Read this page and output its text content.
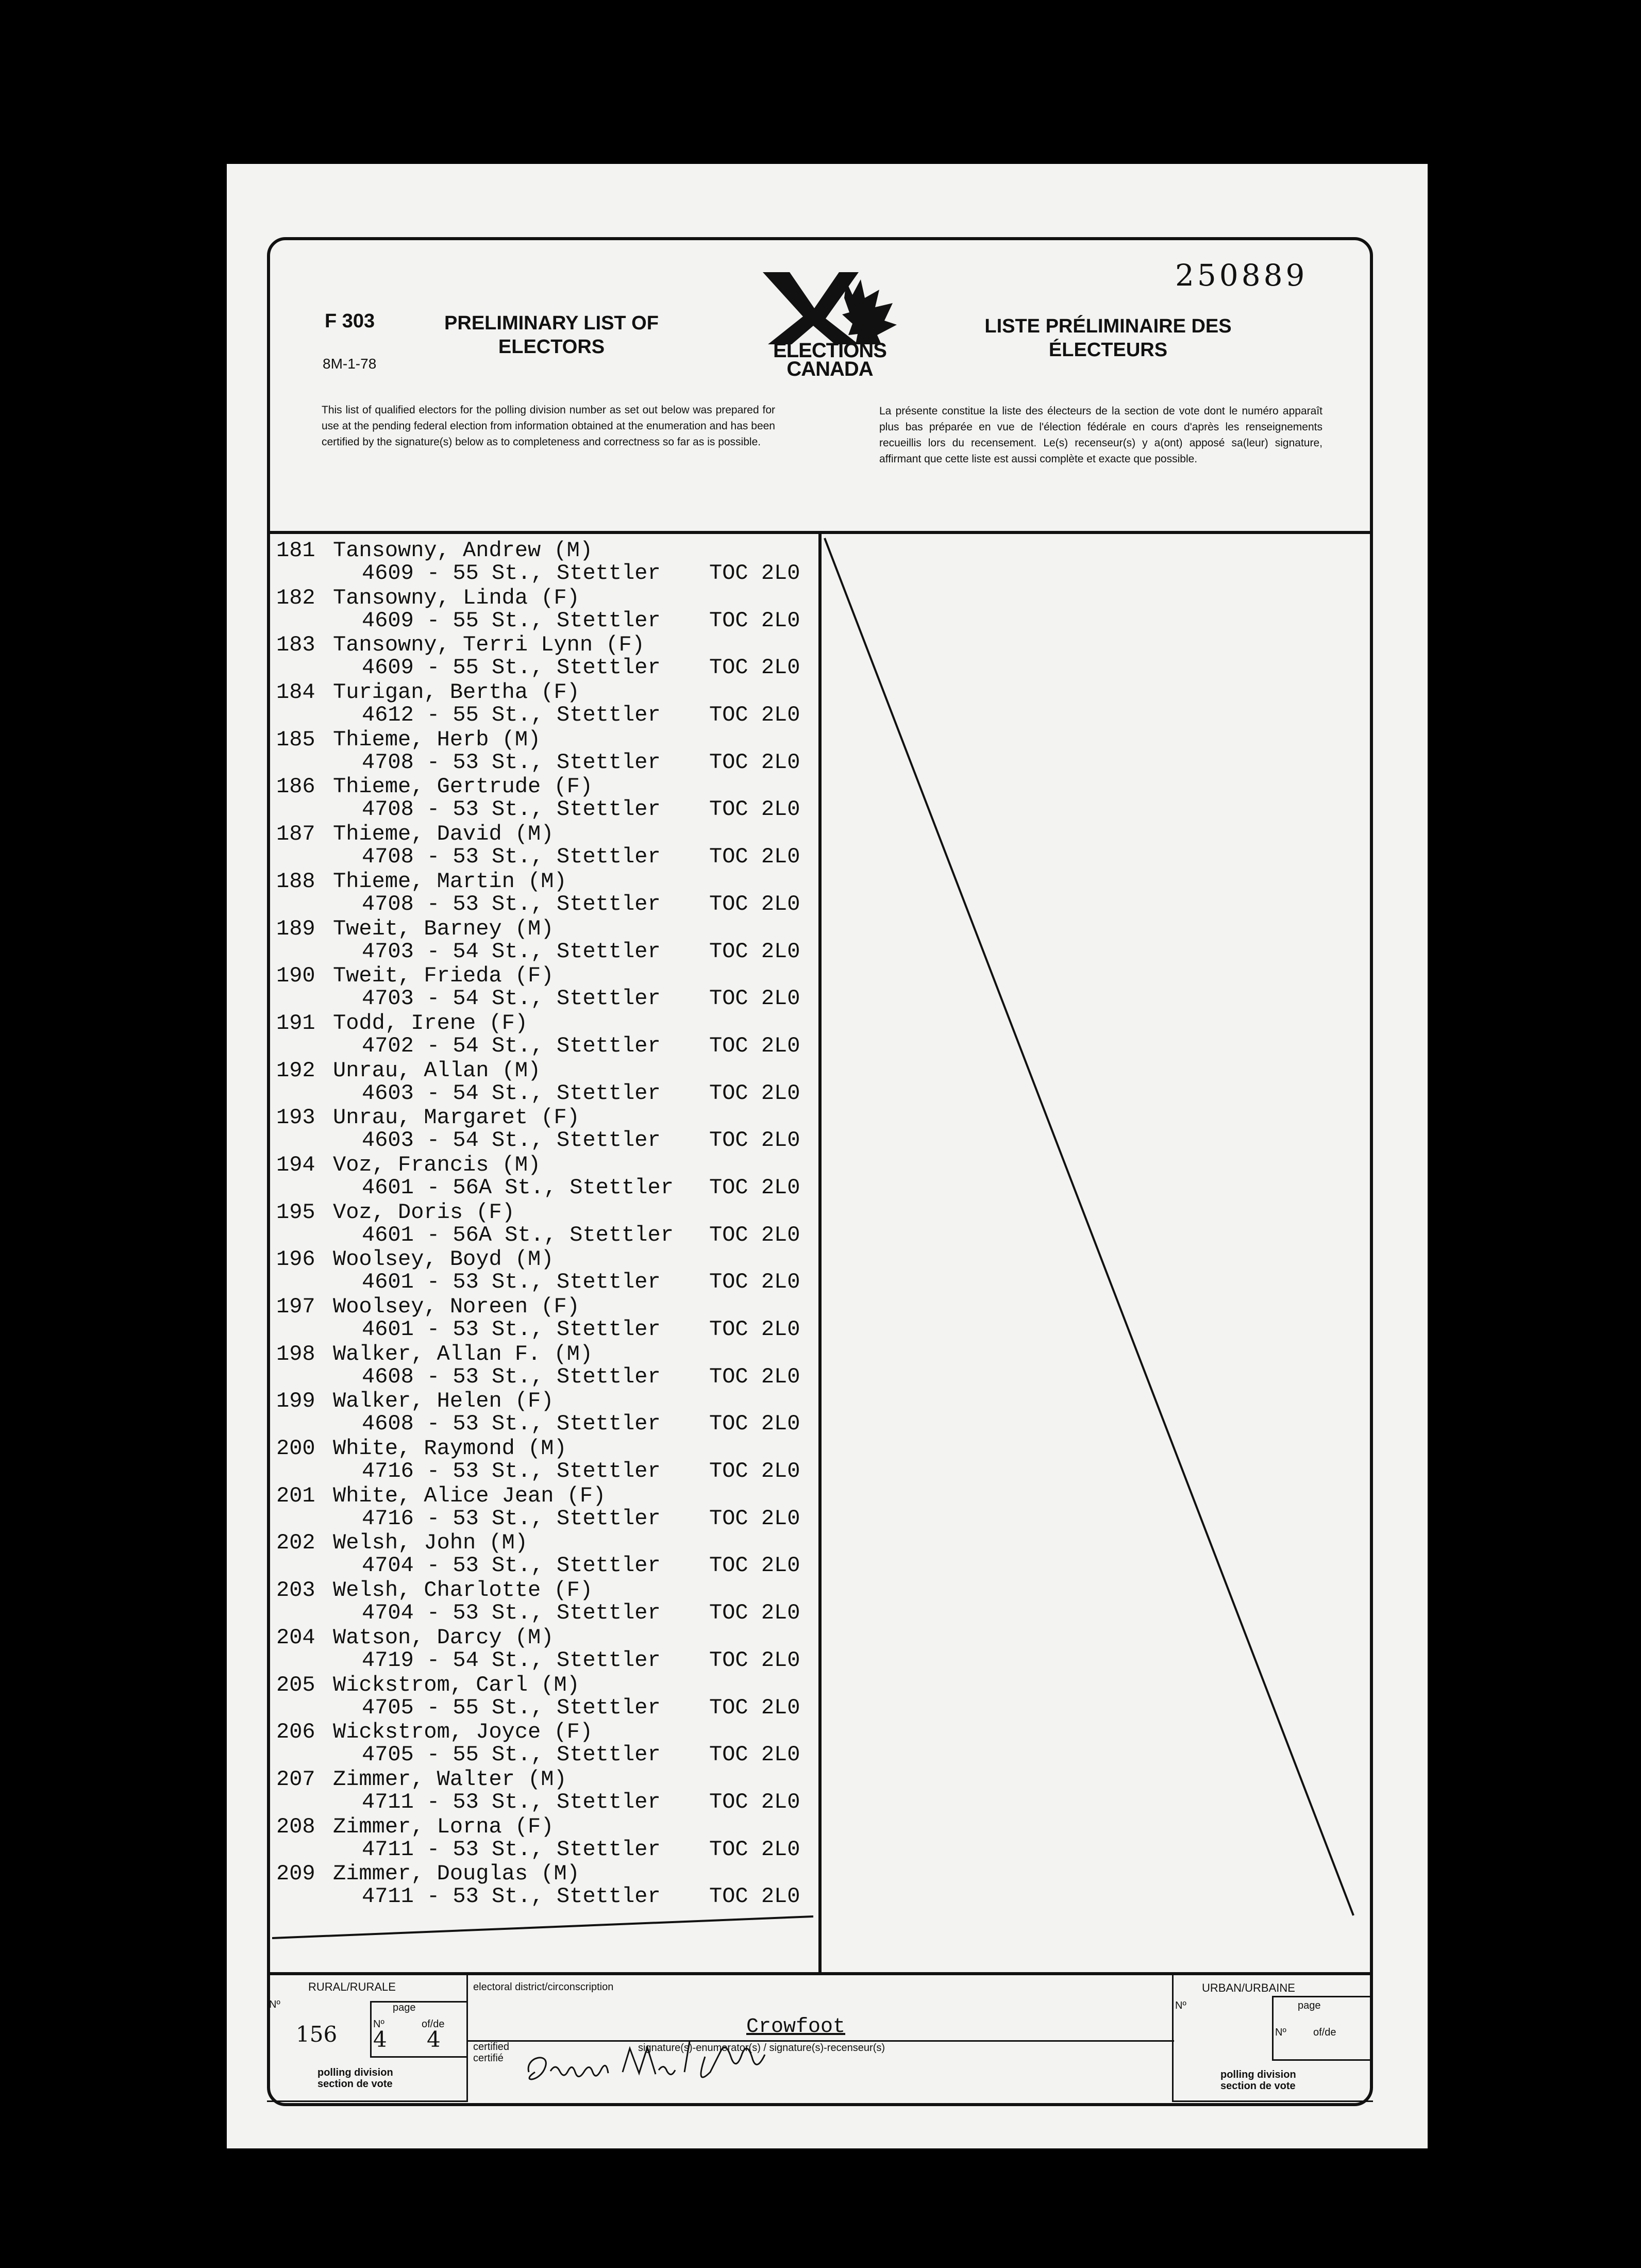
250889
F 303
8M-1-78
PRELIMINARY LIST OF
ELECTORS	ELECTIONS
CANADA
LISTE PRÉLIMINAIRE DES
ÉLECTEURS
This list of qualified electors for the polling division number as set out below was prepared for use at the pending federal election from information obtained at the enumeration and has been certified by the signature(s) below as to completeness and correctness so far as is possible.
La présente constitue la liste des électeurs de la section de vote dont le numéro apparaît plus bas préparée en vue de l'élection fédérale en cours d'après les renseignements recueillis lors du recensement. Le(s) recenseur(s) y a(ont) apposé sa(leur) signature, affirmant que cette liste est aussi complète et exacte que possible.
181 Tansowny, Andrew (M)
4609 - 55 St., Stettler TOC 2L0
182 Tansowny, Linda (F)
4609 - 55 St., Stettler TOC 2L0
183 Tansowny, Terri Lynn (F)
4609 - 55 St., Stettler TOC 2L0
184 Turigan, Bertha (F)
4612 - 55 St., Stettler TOC 2L0
185 Thieme, Herb (M)
4708 - 53 St., Stettler TOC 2L0
186 Thieme, Gertrude (F)
4708 - 53 St., Stettler TOC 2L0
187 Thieme, David (M)
4708 - 53 St., Stettler TOC 2L0
188 Thieme, Martin (M)
4708 - 53 St., Stettler TOC 2L0
189 Tweit, Barney (M)
4703 - 54 St., Stettler TOC 2L0
190 Tweit, Frieda (F)
4703 - 54 St., Stettler TOC 2L0
191 Todd, Irene (F)
4702 - 54 St., Stettler TOC 2L0
192 Unrau, Allan (M)
4603 - 54 St., Stettler TOC 2L0
193 Unrau, Margaret (F)
4603 - 54 St., Stettler TOC 2L0
194 Voz, Francis (M)
4601 - 56A St., Stettler TOC 2L0
195 Voz, Doris (F)
4601 - 56A St., Stettler TOC 2L0
196 Woolsey, Boyd (M)
4601 - 53 St., Stettler TOC 2L0
197 Woolsey, Noreen (F)
4601 - 53 St., Stettler TOC 2L0
198 Walker, Allan F. (M)
4608 - 53 St., Stettler TOC 2L0
199 Walker, Helen (F)
4608 - 53 St., Stettler TOC 2L0
200 White, Raymond (M)
4716 - 53 St., Stettler TOC 2L0
201 White, Alice Jean (F)
4716 - 53 St., Stettler TOC 2L0
202 Welsh, John (M)
4704 - 53 St., Stettler TOC 2L0
203 Welsh, Charlotte (F)
4704 - 53 St., Stettler TOC 2L0
204 Watson, Darcy (M)
4719 - 54 St., Stettler TOC 2L0
205 Wickstrom, Carl (M)
4705 - 55 St., Stettler TOC 2L0
206 Wickstrom, Joyce (F)
4705 - 55 St., Stettler TOC 2L0
207 Zimmer, Walter (M)
4711 - 53 St., Stettler TOC 2L0
208 Zimmer, Lorna (F)
4711 - 53 St., Stettler TOC 2L0
209 Zimmer, Douglas (M)
4711 - 53 St., Stettler TOC 2L0
RURAL/RURALE
Nº
156
page
Nº
4
of/de
4
polling division
section de vote
electoral district/circonscription
Crowfoot
certified
certifié
signature(s)-enumerator(s) / signature(s)-recenseur(s)
Evangeline MacNaughton
URBAN/URBAINE
Nº	page
Nº	of/de
polling division
section de vote
